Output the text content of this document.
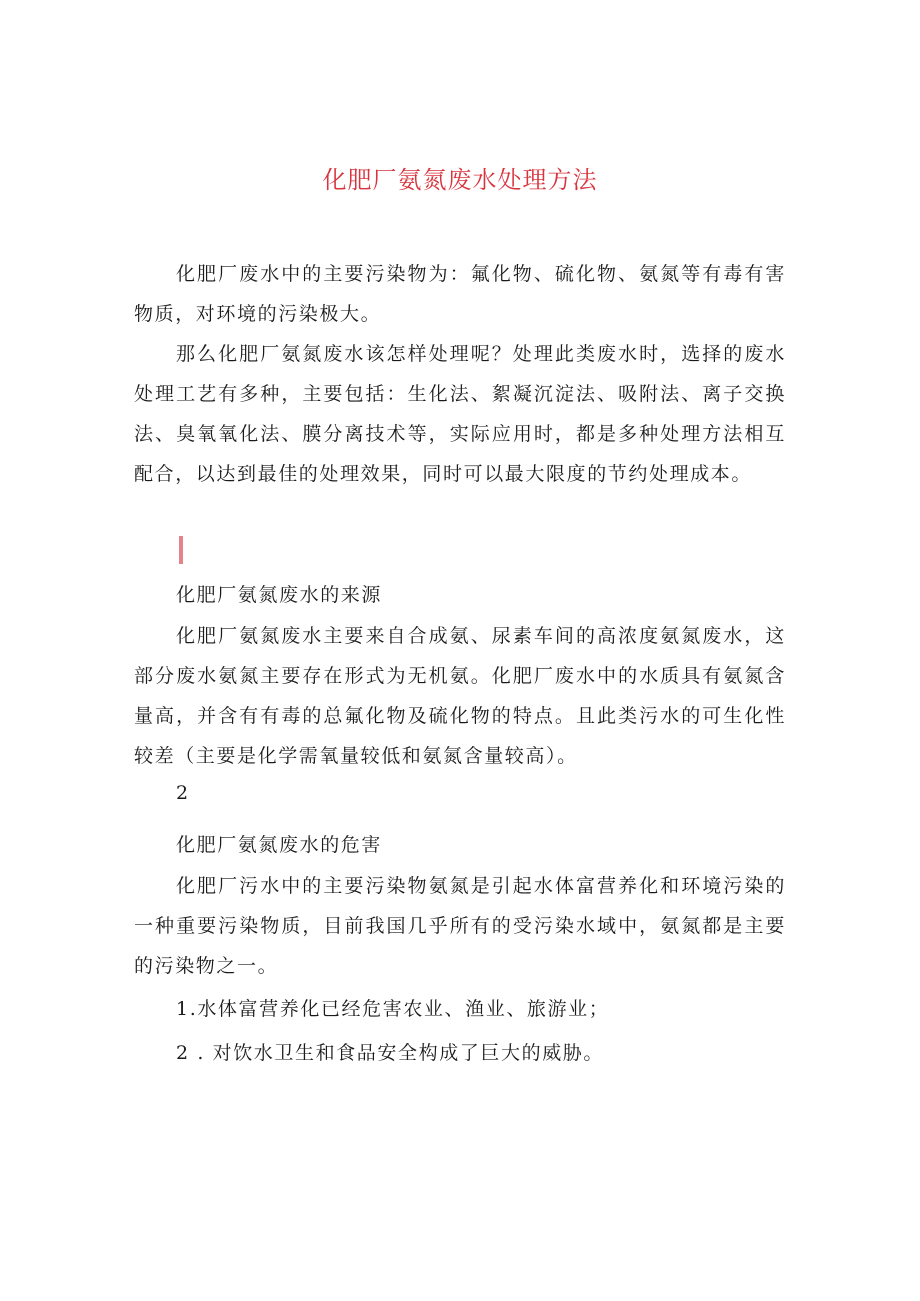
化肥厂氨氮废水处理方法

化肥厂废水中的主要污染物为：氟化物、硫化物、氨氮等有毒有害物质，对环境的污染极大。

那么化肥厂氨氮废水该怎样处理呢？处理此类废水时，选择的废水处理工艺有多种，主要包括：生化法、絮凝沉淀法、吸附法、离子交换法、臭氧氧化法、膜分离技术等，实际应用时，都是多种处理方法相互配合，以达到最佳的处理效果，同时可以最大限度的节约处理成本。

化肥厂氨氮废水的来源

化肥厂氨氮废水主要来自合成氨、尿素车间的高浓度氨氮废水，这部分废水氨氮主要存在形式为无机氨。化肥厂废水中的水质具有氨氮含量高，并含有有毒的总氟化物及硫化物的特点。且此类污水的可生化性较差（主要是化学需氧量较低和氨氮含量较高）。

2
化肥厂氨氮废水的危害

化肥厂污水中的主要污染物氨氮是引起水体富营养化和环境污染的一种重要污染物质，目前我国几乎所有的受污染水域中，氨氮都是主要的污染物之一。

1.水体富营养化已经危害农业、渔业、旅游业；
2 . 对饮水卫生和食品安全构成了巨大的威胁。
